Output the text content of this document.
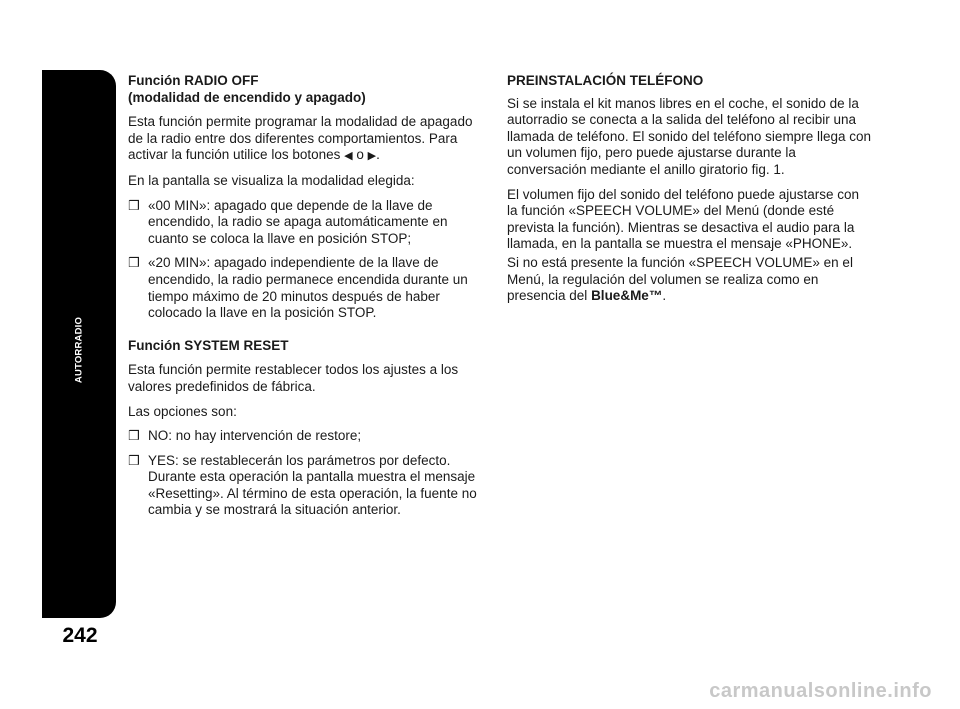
AUTORRADIO
242
Función RADIO OFF
(modalidad de encendido y apagado)

Esta función permite programar la modalidad de apagado de la radio entre dos diferentes comportamientos. Para activar la función utilice los botones ◀ o ▶.

En la pantalla se visualiza la modalidad elegida:

❒ «00 MIN»: apagado que depende de la llave de encendido, la radio se apaga automáticamente en cuanto se coloca la llave en posición STOP;
❒ «20 MIN»: apagado independiente de la llave de encendido, la radio permanece encendida durante un tiempo máximo de 20 minutos después de haber colocado la llave en la posición STOP.
Función SYSTEM RESET

Esta función permite restablecer todos los ajustes a los valores predefinidos de fábrica.

Las opciones son:

❒ NO: no hay intervención de restore;
❒ YES: se restablecerán los parámetros por defecto. Durante esta operación la pantalla muestra el mensaje «Resetting». Al término de esta operación, la fuente no cambia y se mostrará la situación anterior.
PREINSTALACIÓN TELÉFONO

Si se instala el kit manos libres en el coche, el sonido de la autorradio se conecta a la salida del teléfono al recibir una llamada de teléfono. El sonido del teléfono siempre llega con un volumen fijo, pero puede ajustarse durante la conversación mediante el anillo giratorio fig. 1.

El volumen fijo del sonido del teléfono puede ajustarse con la función «SPEECH VOLUME» del Menú (donde esté prevista la función). Mientras se desactiva el audio para la llamada, en la pantalla se muestra el mensaje «PHONE».

Si no está presente la función «SPEECH VOLUME» en el Menú, la regulación del volumen se realiza como en presencia del Blue&Me™.

carmanualsonline.info
